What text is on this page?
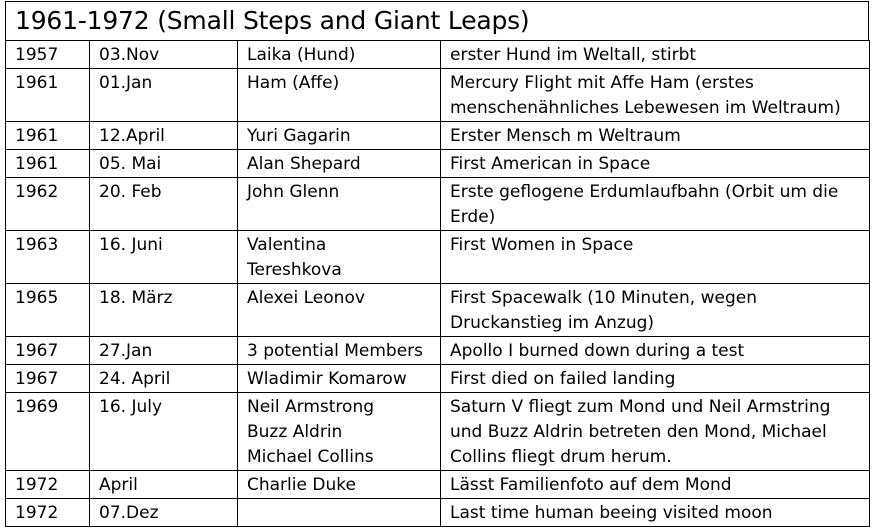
1961-1972 (Small Steps and Giant Leaps)
1957	03.Nov	Laika (Hund)	erster Hund im Weltall, stirbt

1961	01.Jan	Ham (Affe)	Mercury Flight mit Affe Ham (erstes
menschenähnliches Lebewesen im Weltraum)

1961	12.April	Yuri Gagarin	Erster Mensch m Weltraum

1961	05. Mai	Alan Shepard	First American in Space

1962	20. Feb	John Glenn	Erste geflogene Erdumlaufbahn (Orbit um die
Erde)

1963	16. Juni	Valentina
Tereshkova	First Women in Space

1965	18. März	Alexei Leonov	First Spacewalk (10 Minuten, wegen
Druckanstieg im Anzug)

1967	27.Jan	3 potential Members	Apollo I burned down during a test

1967	24. April	Wladimir Komarow	First died on failed landing

1969	16. July	Neil Armstrong
Buzz Aldrin
Michael Collins	Saturn V fliegt zum Mond und Neil Armstring
und Buzz Aldrin betreten den Mond, Michael
Collins fliegt drum herum.

1972	April	Charlie Duke	Lässt Familienfoto auf dem Mond

1972	07.Dez		Last time human beeing visited moon
